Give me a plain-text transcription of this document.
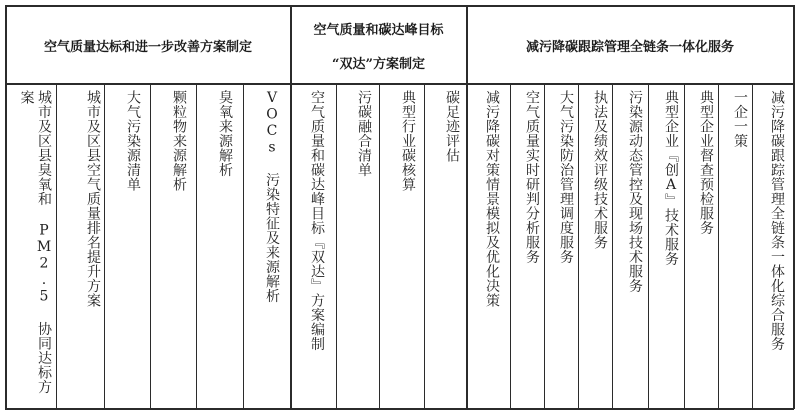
空气质量达标和进一步改善方案制定
空气质量和碳达峰目标
“双达”方案制定
减污降碳跟踪管理全链条一体化服务
城市及区县臭氧和 PM2.5 协同达标方案	城市及区县空气质量排名提升方案	大气污染源清单	颗粒物来源解析	臭氧来源解析	VOCs 污染特征及来源解析	空气质量和碳达峰目标『双达』方案编制	污碳融合清单	典型行业碳核算	碳足迹评估	减污降碳对策情景模拟及优化决策	空气质量实时研判分析服务	大气污染防治管理调度服务	执法及绩效评级技术服务	污染源动态管控及现场技术服务	典型企业『创A』技术服务	典型企业督查预检服务	一企一策	减污降碳跟踪管理全链条一体化综合服务
